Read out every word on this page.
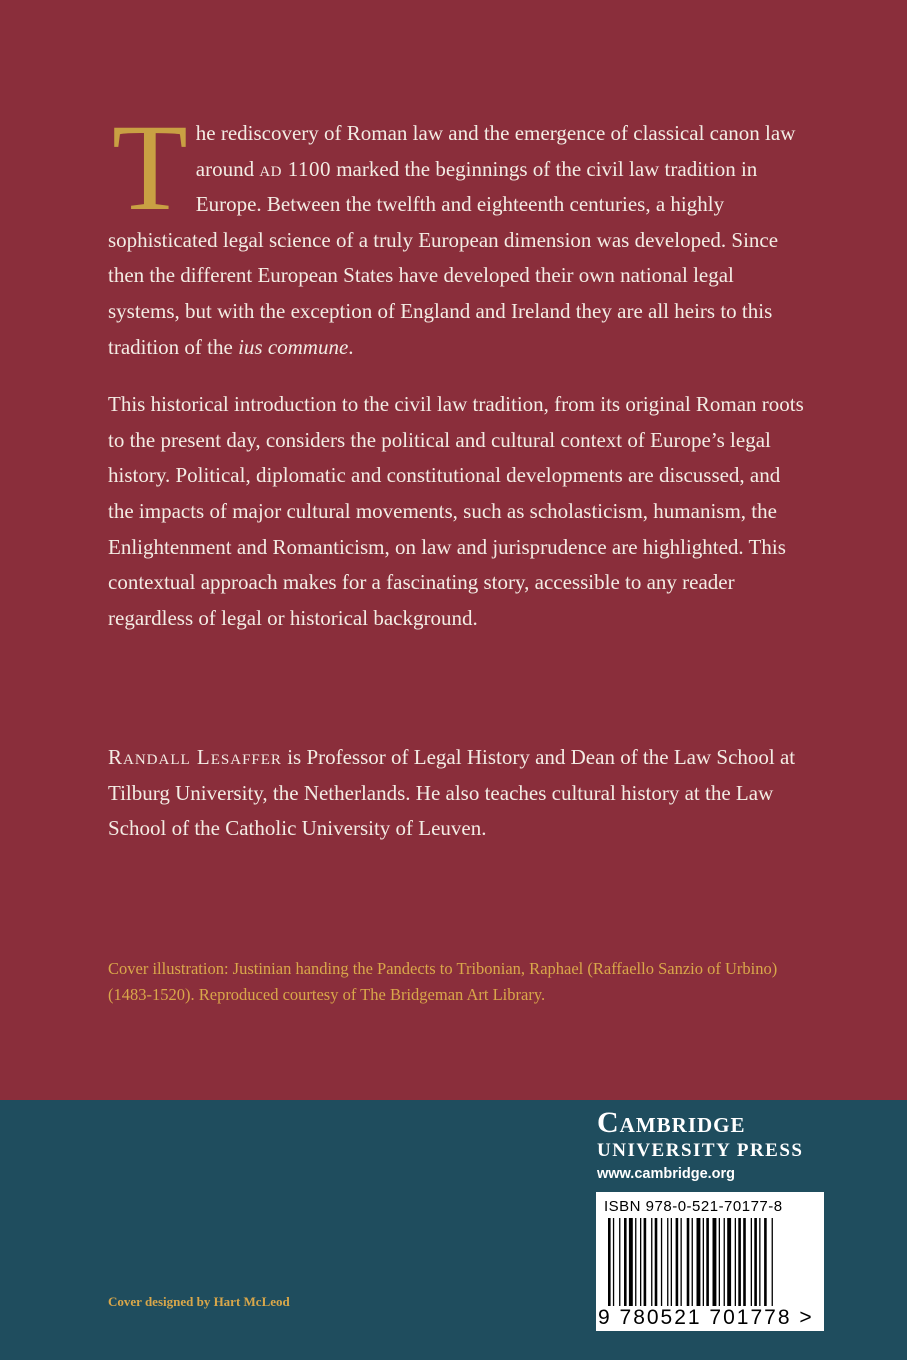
The rediscovery of Roman law and the emergence of classical canon law around ad 1100 marked the beginnings of the civil law tradition in Europe. Between the twelfth and eighteenth centuries, a highly sophisticated legal science of a truly European dimension was developed. Since then the different European States have developed their own national legal systems, but with the exception of England and Ireland they are all heirs to this tradition of the ius commune.

This historical introduction to the civil law tradition, from its original Roman roots to the present day, considers the political and cultural context of Europe’s legal history. Political, diplomatic and constitutional developments are discussed, and the impacts of major cultural movements, such as scholasticism, humanism, the Enlightenment and Romanticism, on law and jurisprudence are highlighted. This contextual approach makes for a fascinating story, accessible to any reader regardless of legal or historical background.

Randall Lesaffer is Professor of Legal History and Dean of the Law School at Tilburg University, the Netherlands. He also teaches cultural history at the Law School of the Catholic University of Leuven.

Cover illustration: Justinian handing the Pandects to Tribonian, Raphael (Raffaello Sanzio of Urbino) (1483-1520). Reproduced courtesy of The Bridgeman Art Library.

Cambridge
UNIVERSITY PRESS
www.cambridge.org
ISBN 978-0-521-70177-8
9 780521 701778 >

Cover designed by Hart McLeod
